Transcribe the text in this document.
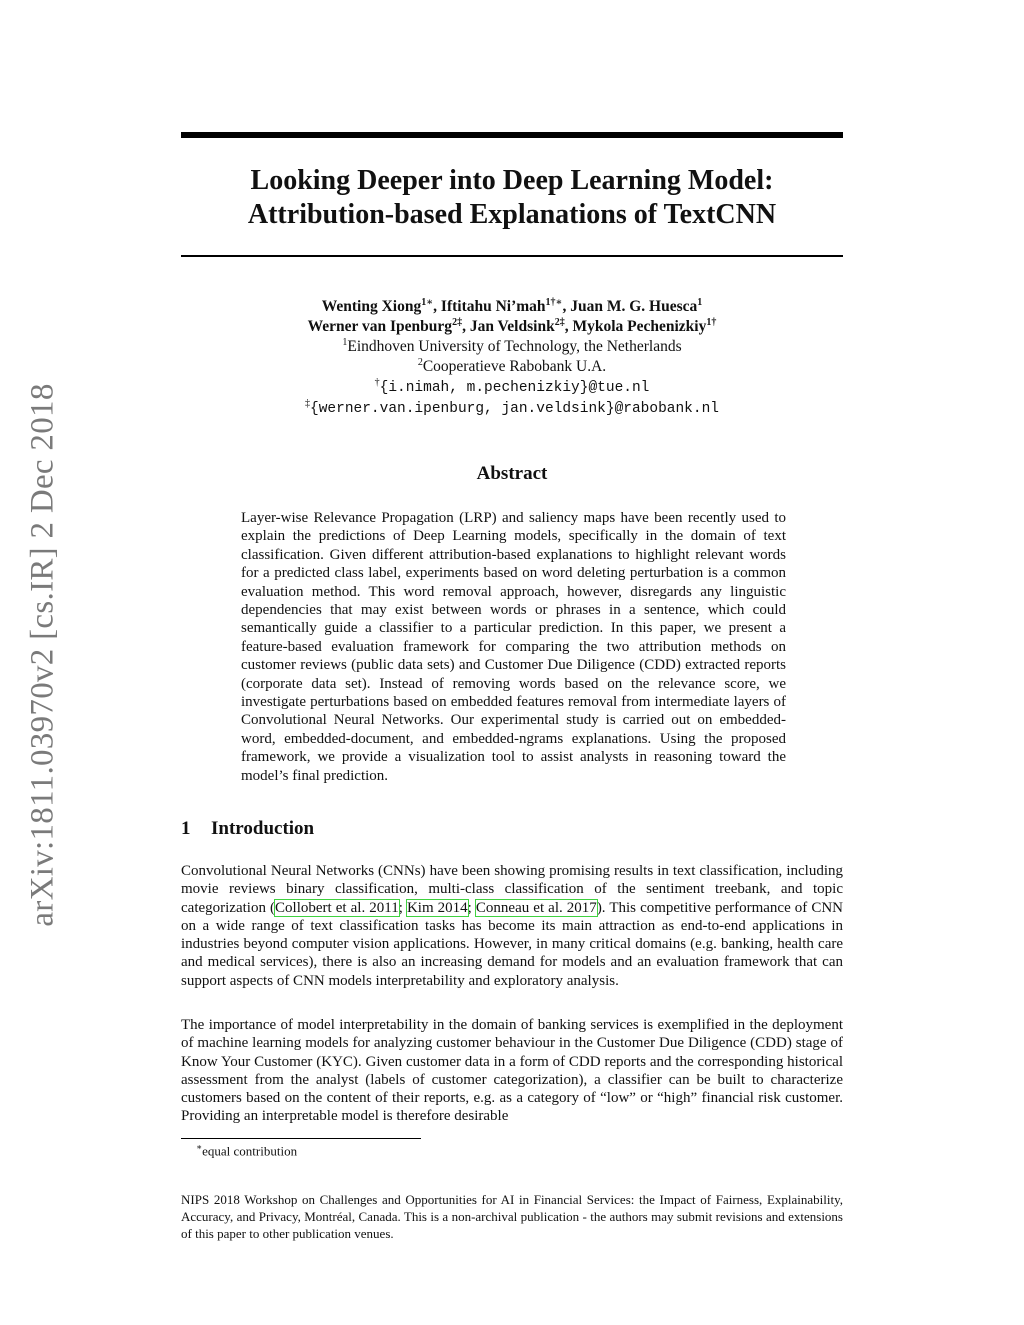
arXiv:1811.03970v2 [cs.IR] 2 Dec 2018
Looking Deeper into Deep Learning Model:
Attribution-based Explanations of TextCNN
Wenting Xiong$^{1∗}$, Iftitahu Ni’mah$^{1\dagger∗}$, Juan M. G. Huesca$^1$
Werner van Ipenburg$^{2\ddagger}$, Jan Veldsink$^{2\ddagger}$, Mykola Pechenizkiy$^{1\dagger}$
$^1$Eindhoven University of Technology, the Netherlands
$^2$Cooperatieve Rabobank U.A.
†{i.nimah, m.pechenizkiy}@tue.nl
‡{werner.van.ipenburg, jan.veldsink}@rabobank.nl
Abstract

Layer-wise Relevance Propagation (LRP) and saliency maps have been recently used to explain the predictions of Deep Learning models, specifically in the domain of text classification. Given different attribution-based explanations to highlight relevant words for a predicted class label, experiments based on word deleting perturbation is a common evaluation method. This word removal approach, however, disregards any linguistic dependencies that may exist between words or phrases in a sentence, which could semantically guide a classifier to a particular prediction. In this paper, we present a feature-based evaluation framework for comparing the two attribution methods on customer reviews (public data sets) and Customer Due Diligence (CDD) extracted reports (corporate data set). Instead of removing words based on the relevance score, we investigate perturbations based on embedded features removal from intermediate layers of Convolutional Neural Networks. Our experimental study is carried out on embedded-word, embedded-document, and embedded-ngrams explanations. Using the proposed framework, we provide a visualization tool to assist analysts in reasoning toward the model’s final prediction.

1 Introduction

Convolutional Neural Networks (CNNs) have been showing promising results in text classification, including movie reviews binary classification, multi-class classification of the sentiment treebank, and topic categorization (Collobert et al. 2011; Kim 2014; Conneau et al. 2017). This competitive performance of CNN on a wide range of text classification tasks has become its main attraction as end-to-end applications in industries beyond computer vision applications. However, in many critical domains (e.g. banking, health care and medical services), there is also an increasing demand for models and an evaluation framework that can support aspects of CNN models interpretability and exploratory analysis.

The importance of model interpretability in the domain of banking services is exemplified in the deployment of machine learning models for analyzing customer behaviour in the Customer Due Diligence (CDD) stage of Know Your Customer (KYC). Given customer data in a form of CDD reports and the corresponding historical assessment from the analyst (labels of customer categorization), a classifier can be built to characterize customers based on the content of their reports, e.g. as a category of “low” or “high” financial risk customer. Providing an interpretable model is therefore desirable

∗equal contribution

NIPS 2018 Workshop on Challenges and Opportunities for AI in Financial Services: the Impact of Fairness, Explainability, Accuracy, and Privacy, Montréal, Canada. This is a non-archival publication - the authors may submit revisions and extensions of this paper to other publication venues.
